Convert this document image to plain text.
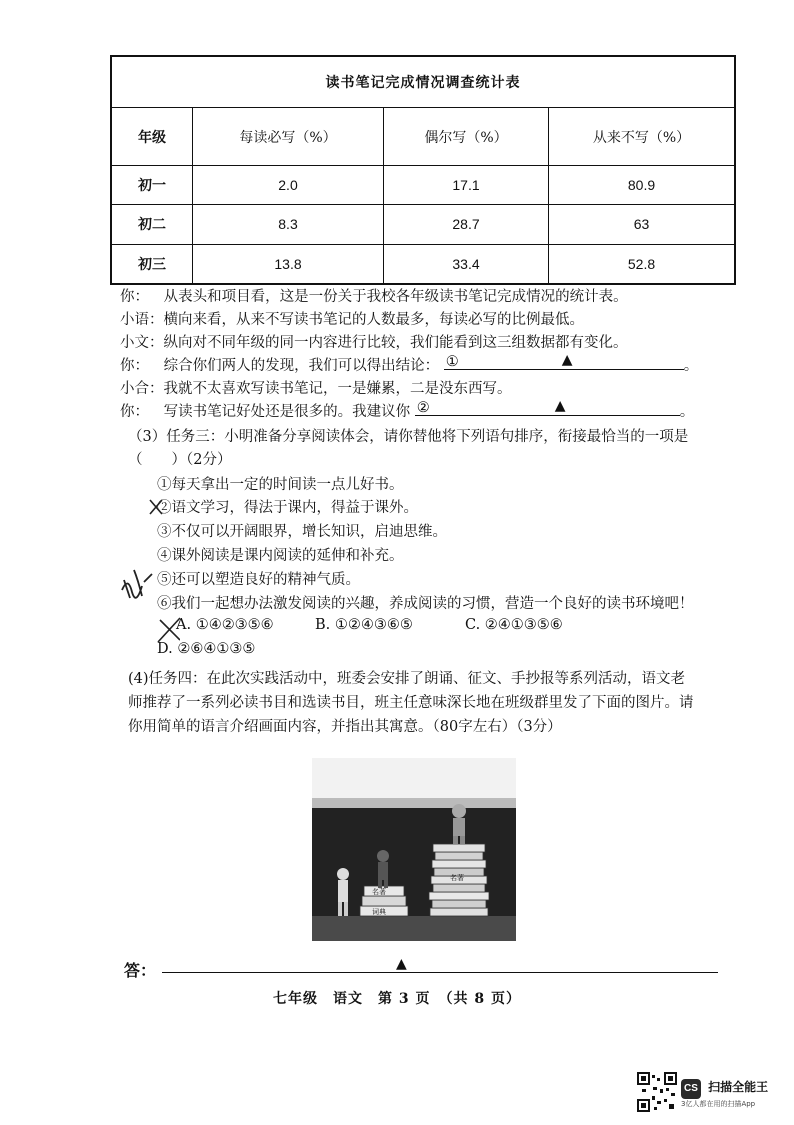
读书笔记完成情况调查统计表			
年级	每读必写（%）	偶尔写（%）	从来不写（%）
初一	2.0	17.1	80.9
初二	8.3	28.7	63
初三	13.8	33.4	52.8
你： 从表头和项目看，这是一份关于我校各年级读书笔记完成情况的统计表。
小语：横向来看，从来不写读书笔记的人数最多，每读必写的比例最低。
小文：纵向对不同年级的同一内容进行比较，我们能看到这三组数据都有变化。
你： 综合你们两人的发现，我们可以得出结论： ①	▲	。
小合：我就不太喜欢写读书笔记，一是嫌累，二是没东西写。
你： 写读书笔记好处还是很多的。我建议你 ②	▲	。
（3）任务三：小明准备分享阅读体会，请你替他将下列语句排序，衔接最恰当的一项是
（　　）（2分）
①每天拿出一定的时间读一点儿好书。
②语文学习，得法于课内，得益于课外。
③不仅可以开阔眼界，增长知识，启迪思维。
④课外阅读是课内阅读的延伸和补充。
⑤还可以塑造良好的精神气质。
⑥我们一起想办法激发阅读的兴趣，养成阅读的习惯，营造一个良好的读书环境吧！
A. ①④②③⑤⑥	B. ①②④③⑥⑤	C. ②④①③⑤⑥
D. ②⑥④①③⑤
(4)任务四：在此次实践活动中，班委会安排了朗诵、征文、手抄报等系列活动，语文老
师推荐了一系列必读书目和选读书目，班主任意味深长地在班级群里发了下面的图片。请
你用简单的语言介绍画面内容，并指出其寓意。（80字左右）（3分）
名著
词典
名著
答：	▲
七年级　语文　第 3 页　（共 8 页）
CS 扫描全能王
3亿人都在用的扫描App
